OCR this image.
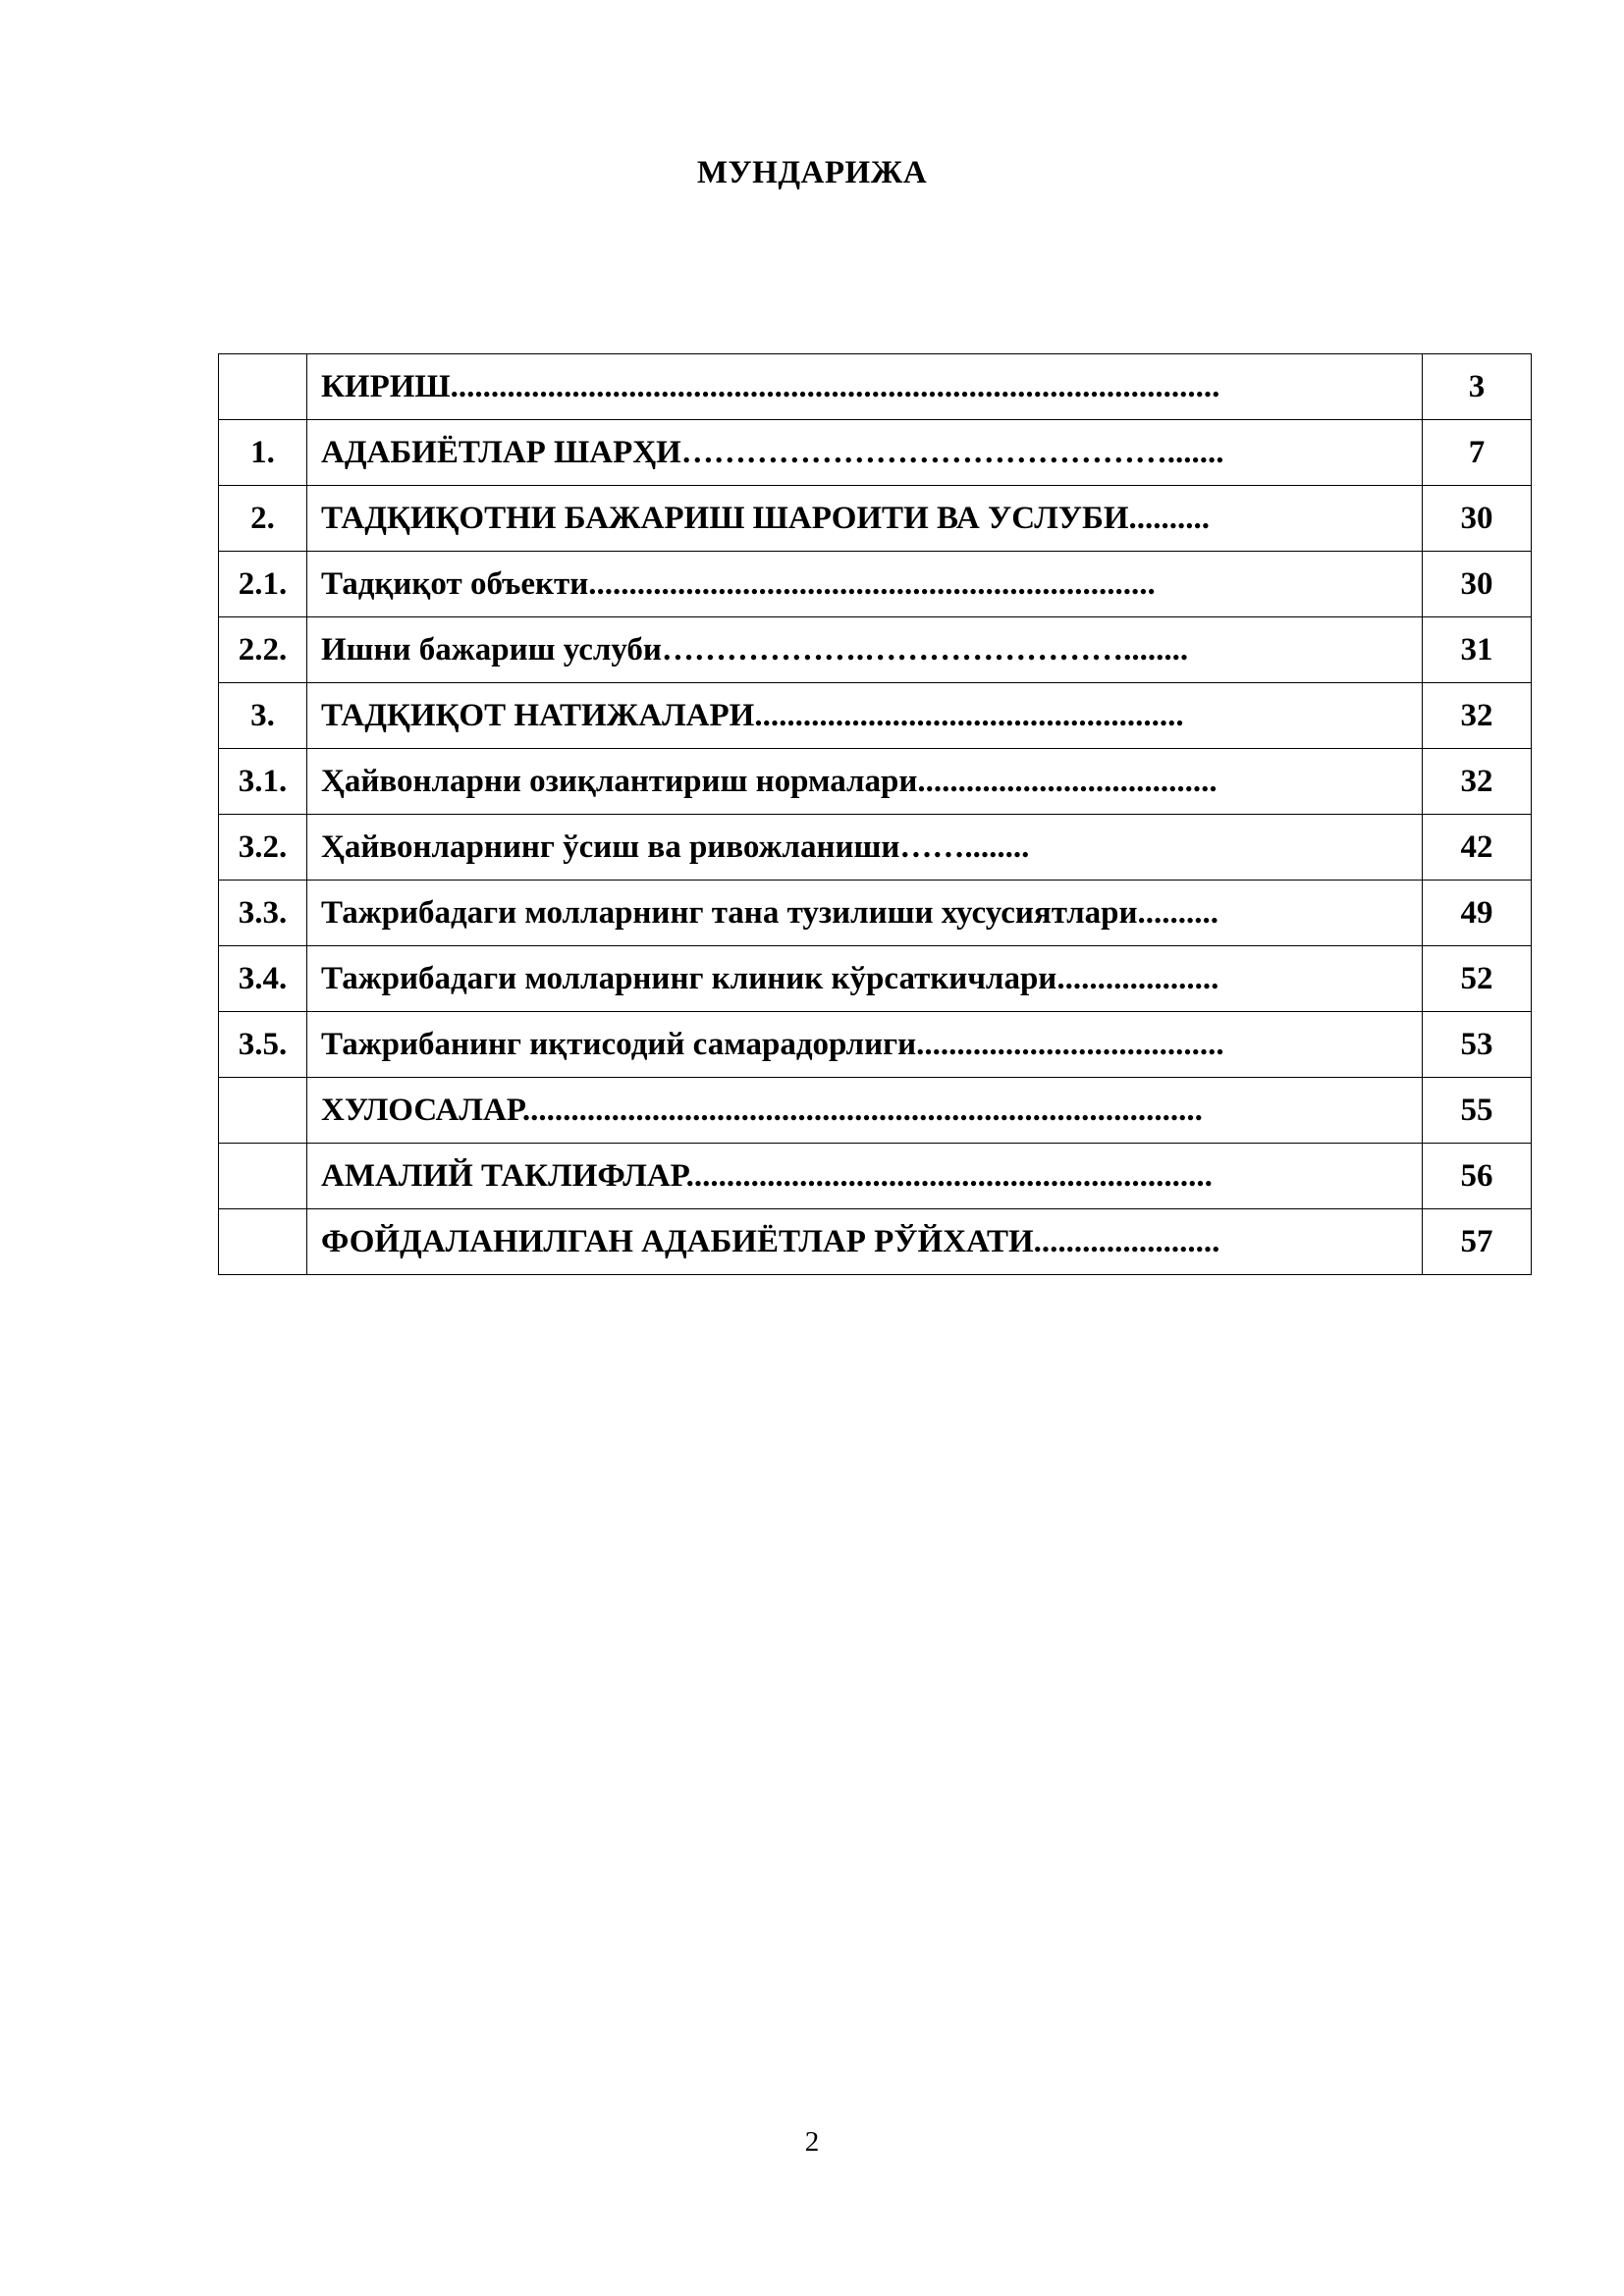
МУНДАРИЖА
	КИРИШ...............................................................................................	3
1.	АДАБИЁТЛАР ШАРҲИ……………………………………….......	7
2.	ТАДҚИҚОТНИ БАЖАРИШ ШАРОИТИ ВА УСЛУБИ..........	30
2.1.	Тадқиқот объекти......................................................................	30
2.2.	Ишни бажариш услуби……………….……………………........	31
3.	ТАДҚИҚОТ НАТИЖАЛАРИ.....................................................	32
3.1.	Ҳайвонларни озиқлантириш нормалари.....................................	32
3.2.	Ҳайвонларнинг ўсиш ва ривожланиши……........	42
3.3.	Тажрибадаги молларнинг тана тузилиши хусусиятлари..........	49
3.4.	Тажрибадаги молларнинг клиник кўрсаткичлари....................	52
3.5.	Тажрибанинг иқтисодий самарадорлиги......................................	53
	ХУЛОСАЛАР....................................................................................	55
	АМАЛИЙ ТАКЛИФЛАР.................................................................	56
	ФОЙДАЛАНИЛГАН АДАБИЁТЛАР РЎЙХАТИ.......................	57
2
